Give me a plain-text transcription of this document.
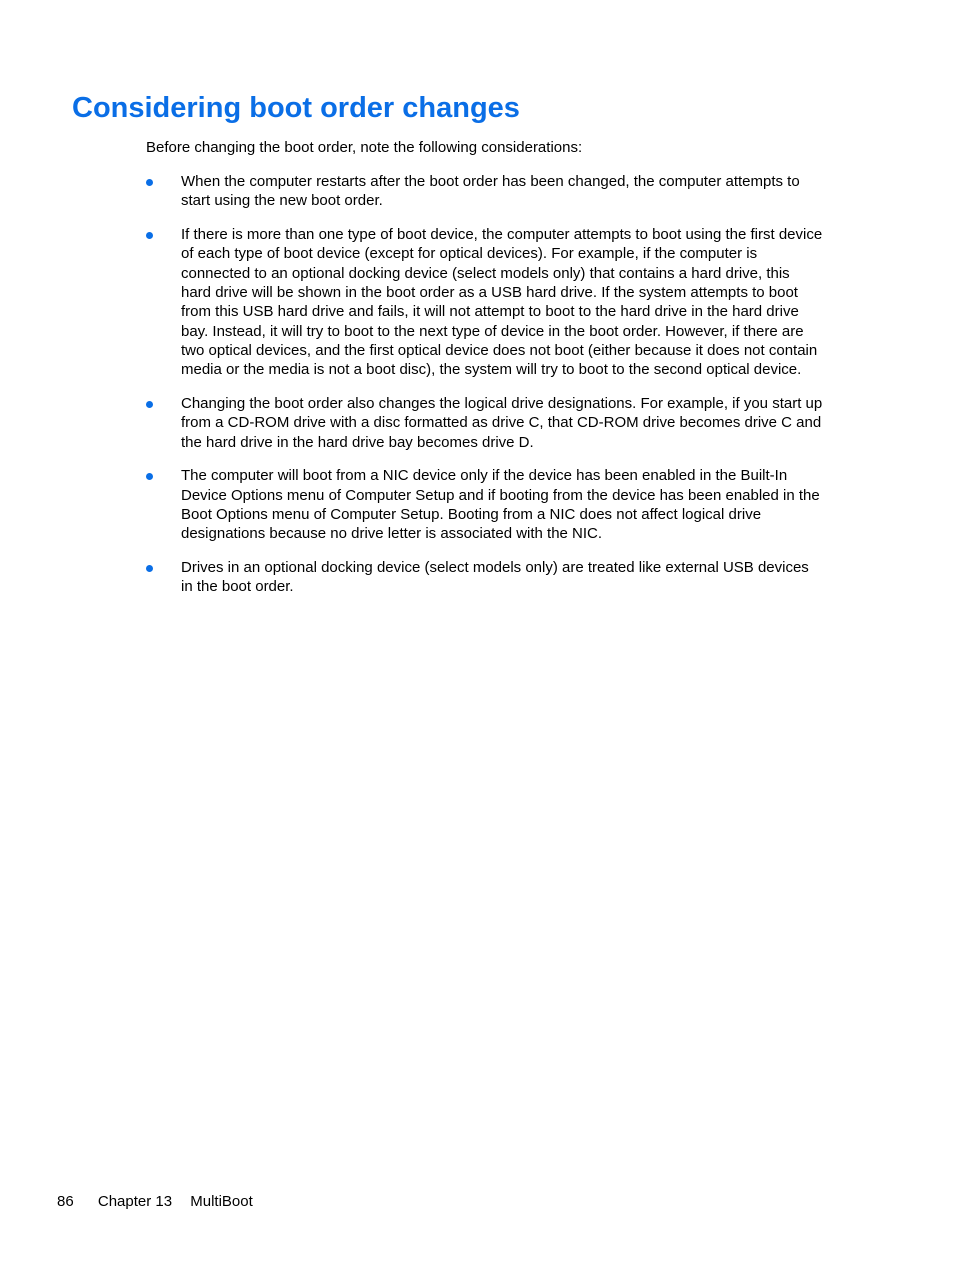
Considering boot order changes

Before changing the boot order, note the following considerations:

When the computer restarts after the boot order has been changed, the computer attempts to
start using the new boot order.
If there is more than one type of boot device, the computer attempts to boot using the first device
of each type of boot device (except for optical devices). For example, if the computer is
connected to an optional docking device (select models only) that contains a hard drive, this
hard drive will be shown in the boot order as a USB hard drive. If the system attempts to boot
from this USB hard drive and fails, it will not attempt to boot to the hard drive in the hard drive
bay. Instead, it will try to boot to the next type of device in the boot order. However, if there are
two optical devices, and the first optical device does not boot (either because it does not contain
media or the media is not a boot disc), the system will try to boot to the second optical device.
Changing the boot order also changes the logical drive designations. For example, if you start up
from a CD-ROM drive with a disc formatted as drive C, that CD-ROM drive becomes drive C and
the hard drive in the hard drive bay becomes drive D.
The computer will boot from a NIC device only if the device has been enabled in the Built-In
Device Options menu of Computer Setup and if booting from the device has been enabled in the
Boot Options menu of Computer Setup. Booting from a NIC does not affect logical drive
designations because no drive letter is associated with the NIC.
Drives in an optional docking device (select models only) are treated like external USB devices
in the boot order.
86 Chapter 13 MultiBoot
